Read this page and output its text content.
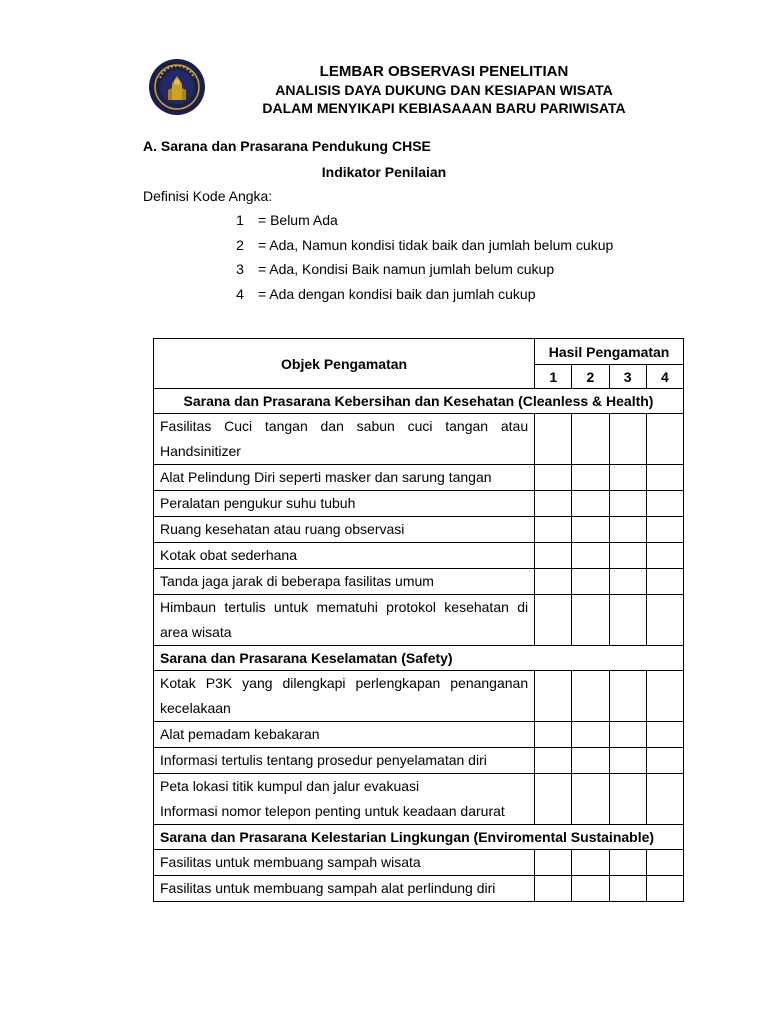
LEMBAR OBSERVASI PENELITIAN
ANALISIS DAYA DUKUNG DAN KESIAPAN WISATA
DALAM MENYIKAPI KEBIASAAAN BARU PARIWISATA
A. Sarana dan Prasarana Pendukung CHSE
Indikator Penilaian
Definisi Kode Angka:
1	= Belum Ada
2	= Ada, Namun kondisi tidak baik dan jumlah belum cukup
3	= Ada, Kondisi Baik namun jumlah belum cukup
4	= Ada dengan kondisi baik dan jumlah cukup
Objek Pengamatan	Hasil Pengamatan			
	1	2	3	4
Sarana dan Prasarana Kebersihan dan Kesehatan (Cleanless & Health)				
Fasilitas Cuci tangan dan sabun cuci tangan atau Handsinitizer				
Alat Pelindung Diri seperti masker dan sarung tangan				
Peralatan pengukur suhu tubuh				
Ruang kesehatan atau ruang observasi				
Kotak obat sederhana				
Tanda jaga jarak di beberapa fasilitas umum				
Himbaun tertulis untuk mematuhi protokol kesehatan di area wisata				
Sarana dan Prasarana Keselamatan (Safety)				
Kotak P3K yang dilengkapi perlengkapan penanganan kecelakaan				
Alat pemadam kebakaran				
Informasi tertulis tentang prosedur penyelamatan diri				

Peta lokasi titik kumpul dan jalur evakuasi
Informasi nomor telepon penting untuk keadaan darurat				

Sarana dan Prasarana Kelestarian Lingkungan (Enviromental Sustainable)				
Fasilitas untuk membuang sampah wisata				

Fasilitas untuk membuang sampah alat perlindung diri				
